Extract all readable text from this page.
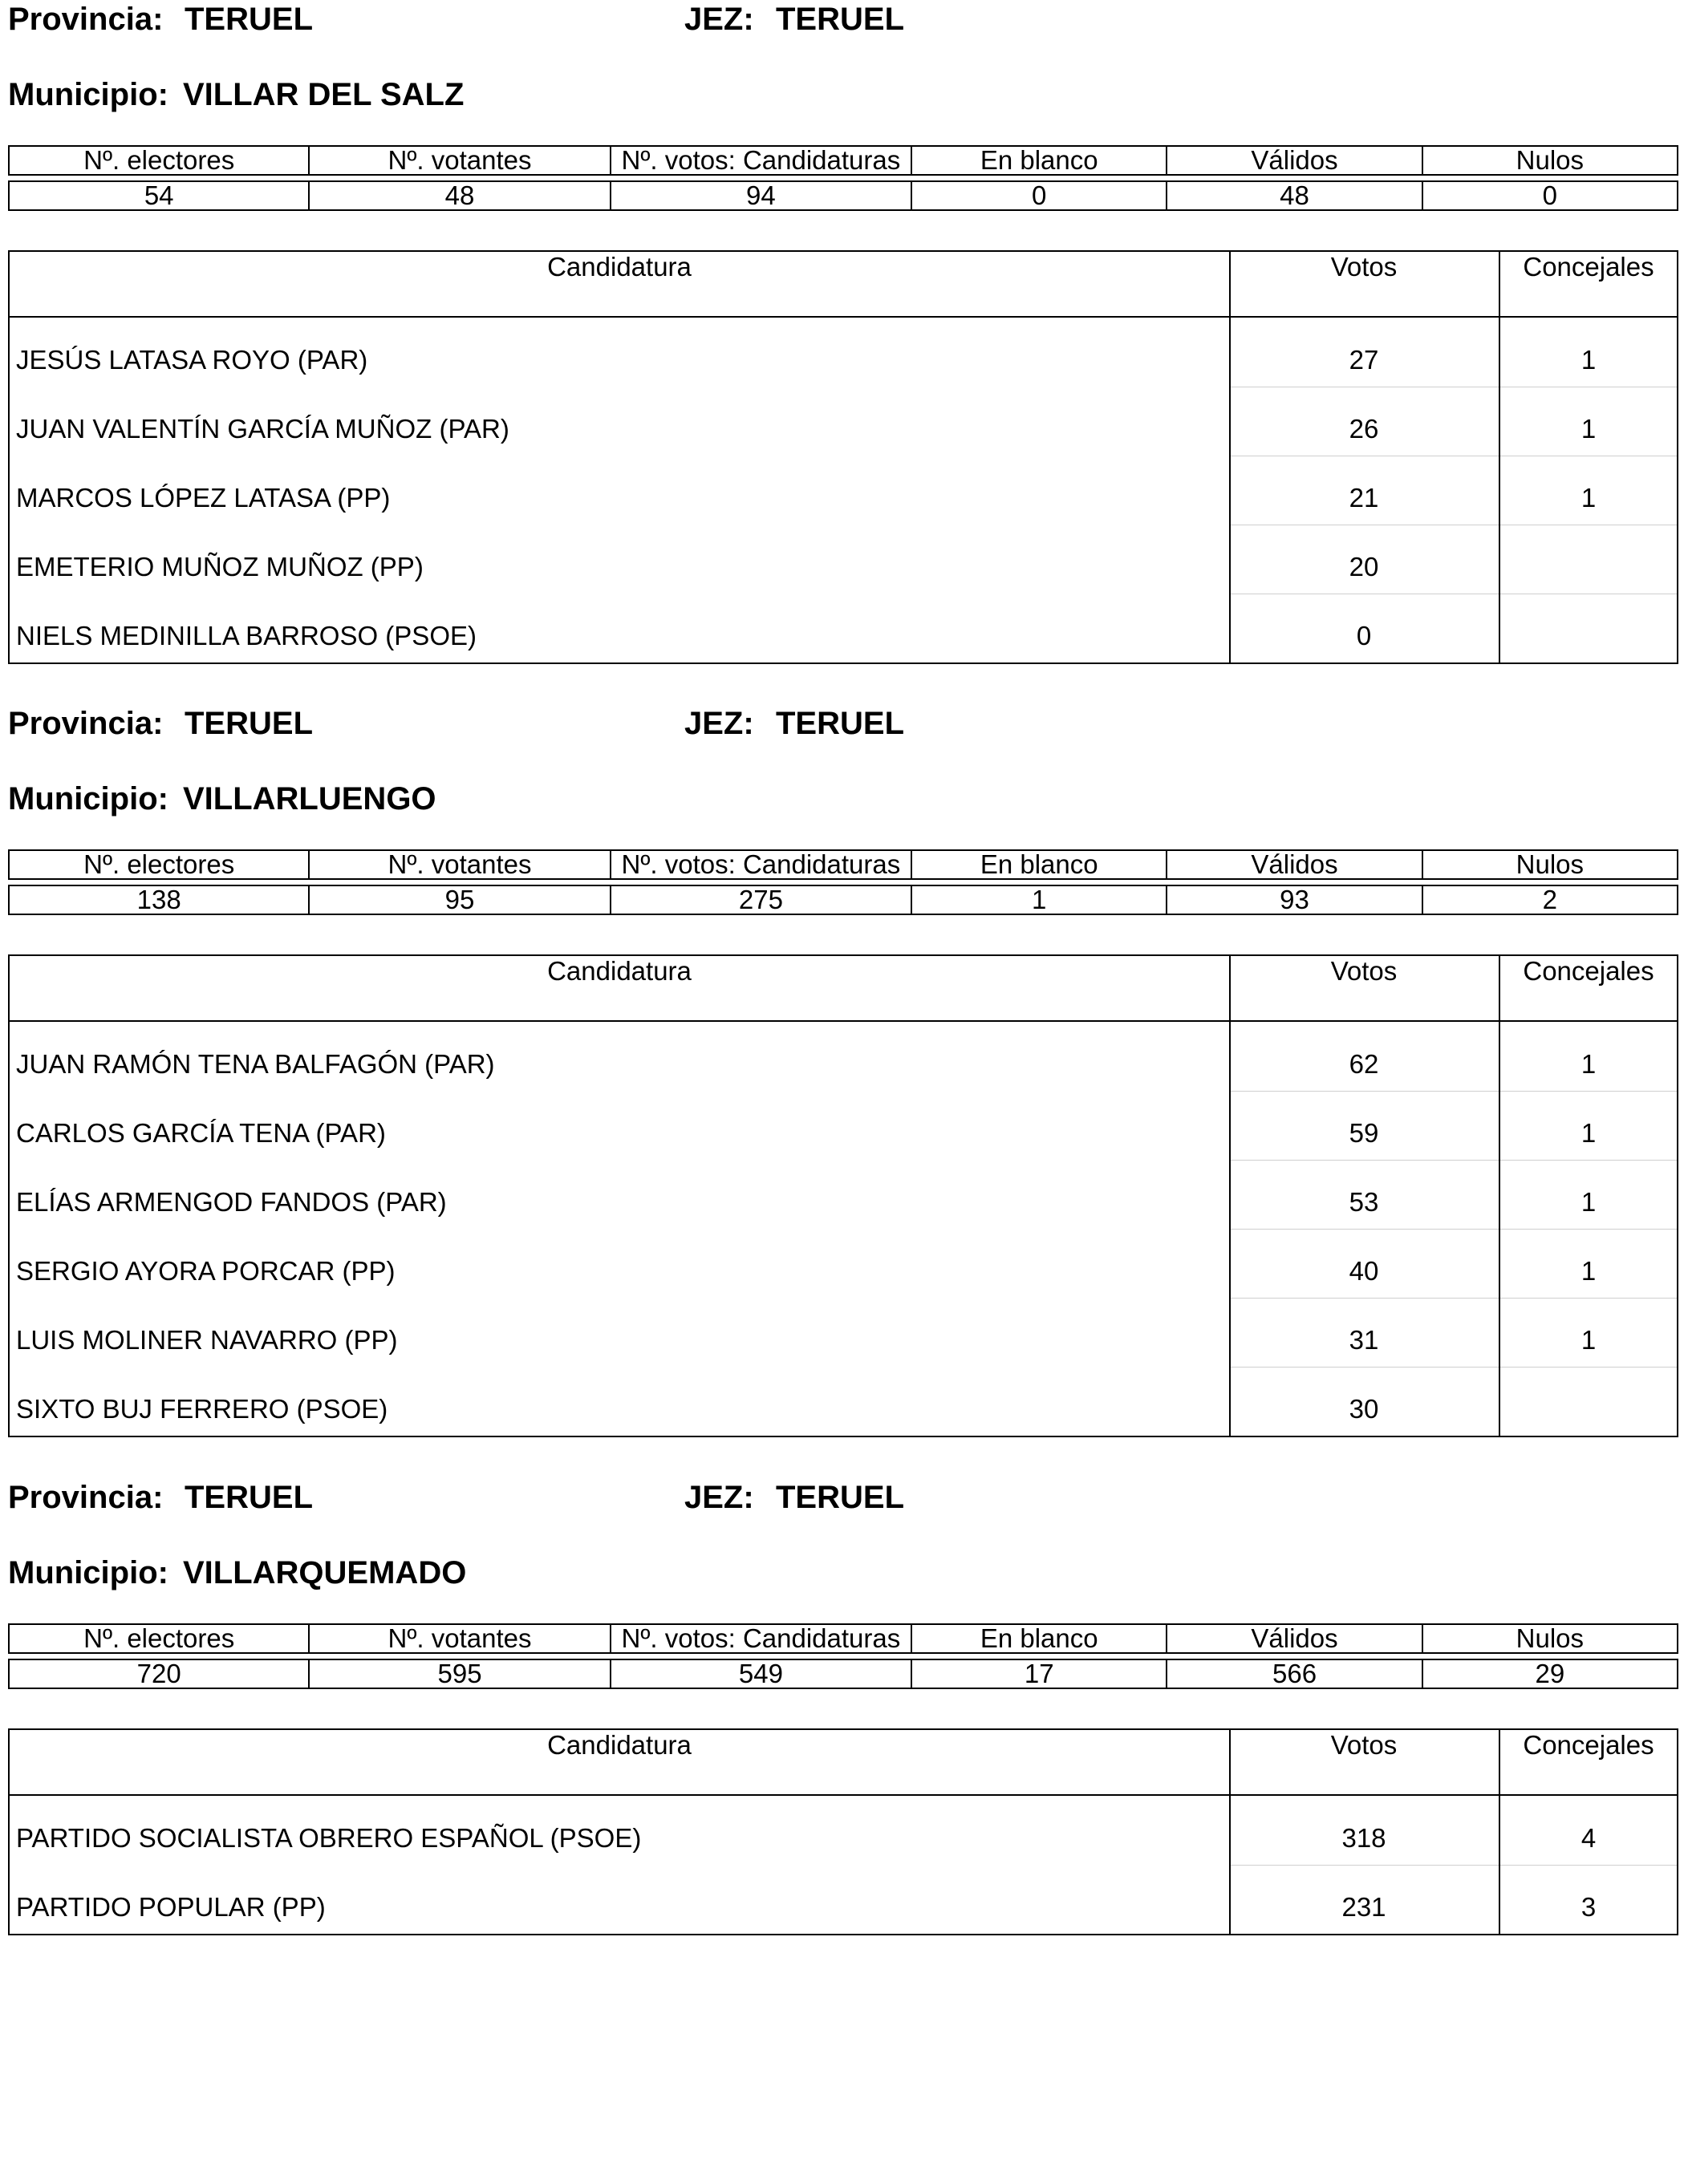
Provincia: TERUEL	JEZ: TERUEL
Municipio: VILLAR DEL SALZ
Nº. electores	Nº. votantes	Nº. votos: Candidaturas	En blanco	Válidos	Nulos

54	48	94	0	48	0
Candidatura	Votos	Concejales
JESÚS LATASA ROYO (PAR)	27	1
JUAN VALENTÍN GARCÍA MUÑOZ (PAR)	26	1
MARCOS LÓPEZ LATASA (PP)	21	1
EMETERIO MUÑOZ MUÑOZ (PP)	20
NIELS MEDINILLA BARROSO (PSOE)	0
Provincia: TERUEL	JEZ: TERUEL
Municipio: VILLARLUENGO
Nº. electores	Nº. votantes	Nº. votos: Candidaturas	En blanco	Válidos	Nulos

138	95	275	1	93	2
Candidatura	Votos	Concejales
JUAN RAMÓN TENA BALFAGÓN (PAR)	62	1
CARLOS GARCÍA TENA (PAR)	59	1
ELÍAS ARMENGOD FANDOS (PAR)	53	1
SERGIO AYORA PORCAR (PP)	40	1
LUIS MOLINER NAVARRO (PP)	31	1
SIXTO BUJ FERRERO (PSOE)	30
Provincia: TERUEL	JEZ: TERUEL
Municipio: VILLARQUEMADO
Nº. electores	Nº. votantes	Nº. votos: Candidaturas	En blanco	Válidos	Nulos

720	595	549	17	566	29
Candidatura	Votos	Concejales
PARTIDO SOCIALISTA OBRERO ESPAÑOL (PSOE)	318	4
PARTIDO POPULAR (PP)	231	3
